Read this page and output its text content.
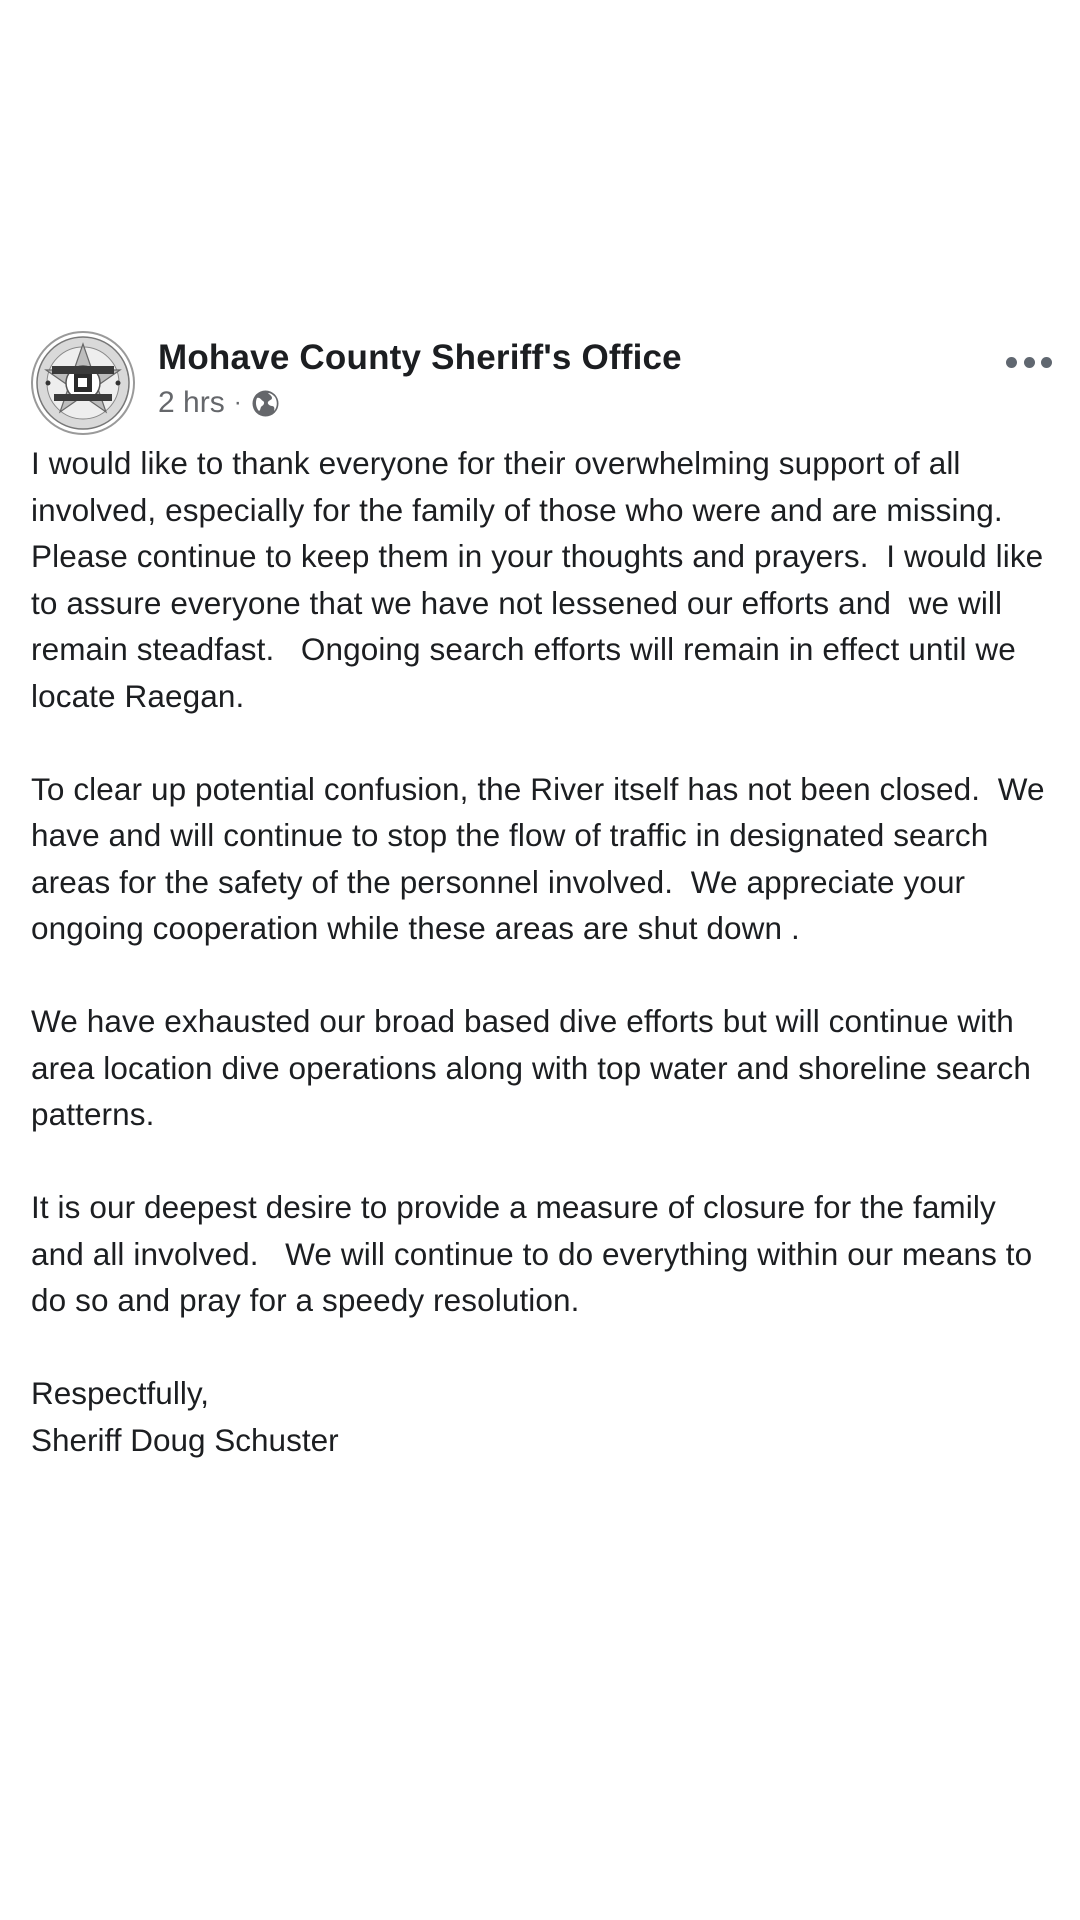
Mohave County Sheriff's Office
2 hrs ·

I would like to thank everyone for their overwhelming support of all involved, especially for the family of those who were and are missing.   Please continue to keep them in your thoughts and prayers.  I would like to assure everyone that we have not lessened our efforts and  we will  remain steadfast.   Ongoing search efforts will remain in effect until we locate Raegan.

To clear up potential confusion, the River itself has not been closed.  We have and will continue to stop the flow of traffic in designated search areas for the safety of the personnel involved.  We appreciate your ongoing cooperation while these areas are shut down .

We have exhausted our broad based dive efforts but will continue with area location dive operations along with top water and shoreline search patterns.

It is our deepest desire to provide a measure of closure for the family and all involved.   We will continue to do everything within our means to do so and pray for a speedy resolution.

Respectfully,

Sheriff Doug Schuster
